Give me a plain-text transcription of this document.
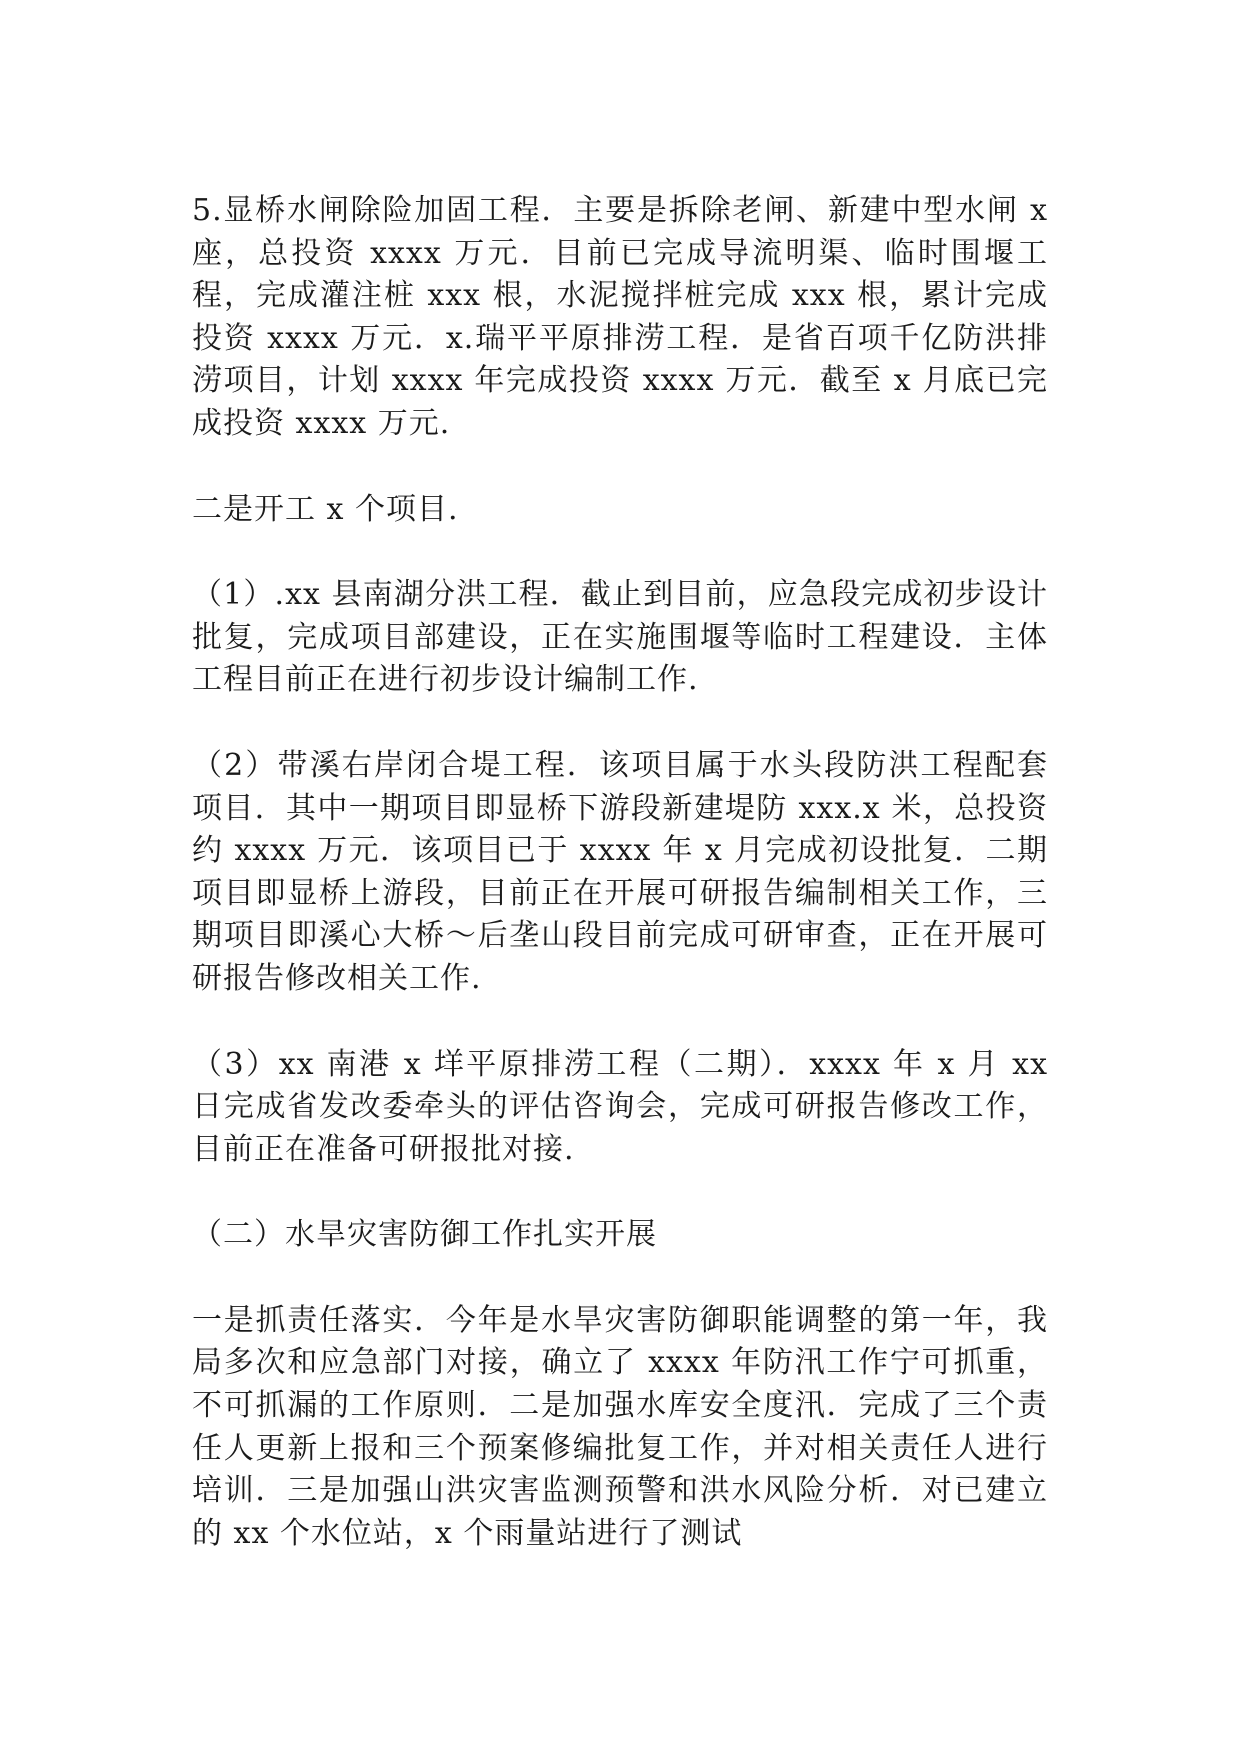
5.显桥水闸除险加固工程．主要是拆除老闸、新建中型水闸 x 座，总投资 xxxx 万元．目前已完成导流明渠、临时围堰工程，完成灌注桩 xxx 根，水泥搅拌桩完成 xxx 根，累计完成投资 xxxx 万元．x.瑞平平原排涝工程．是省百项千亿防洪排涝项目，计划 xxxx 年完成投资 xxxx 万元．截至 x 月底已完成投资 xxxx 万元.

二是开工 x 个项目.

（1）.xx 县南湖分洪工程．截止到目前，应急段完成初步设计批复，完成项目部建设，正在实施围堰等临时工程建设．主体工程目前正在进行初步设计编制工作.

（2）带溪右岸闭合堤工程．该项目属于水头段防洪工程配套项目．其中一期项目即显桥下游段新建堤防 xxx.x 米，总投资约 xxxx 万元．该项目已于 xxxx 年 x 月完成初设批复．二期项目即显桥上游段，目前正在开展可研报告编制相关工作，三期项目即溪心大桥～后垄山段目前完成可研审查，正在开展可研报告修改相关工作.

（3）xx 南港 x 垟平原排涝工程（二期）．xxxx 年 x 月 xx 日完成省发改委牵头的评估咨询会，完成可研报告修改工作，目前正在准备可研报批对接.

（二）水旱灾害防御工作扎实开展

一是抓责任落实．今年是水旱灾害防御职能调整的第一年，我局多次和应急部门对接，确立了 xxxx 年防汛工作宁可抓重，不可抓漏的工作原则．二是加强水库安全度汛．完成了三个责任人更新上报和三个预案修编批复工作，并对相关责任人进行培训．三是加强山洪灾害监测预警和洪水风险分析．对已建立的 xx 个水位站，x 个雨量站进行了测试
